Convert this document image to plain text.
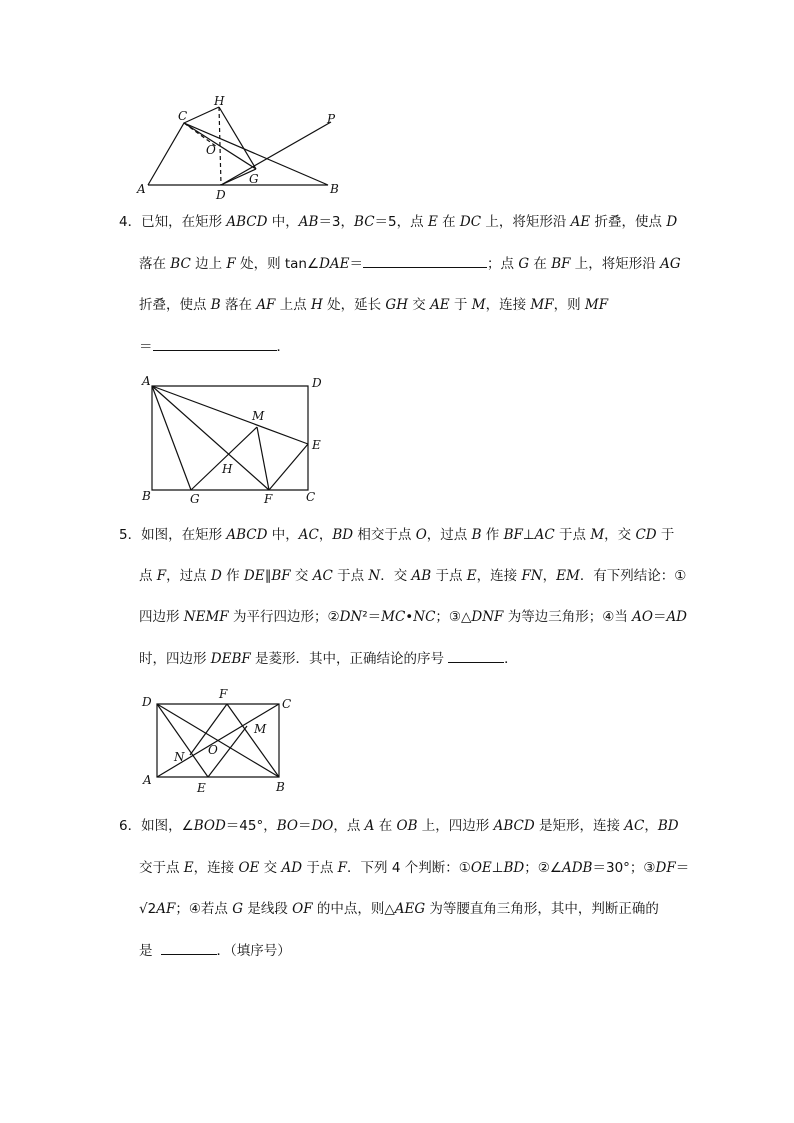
A	B
C
H
O
G
D
P
4．已知，在矩形 ABCD 中，AB＝3，BC＝5，点 E 在 DC 上，将矩形沿 AE 折叠，使点 D
落在 BC 边上 F 处，则 tan∠DAE＝	；点 G 在 BF 上，将矩形沿 AG
折叠，使点 B 落在 AF 上点 H 处，延长 GH 交 AE 于 M，连接 MF，则 MF
＝	．
A	D
M
E
H
B	G	F	C
5．如图，在矩形 ABCD 中，AC，BD 相交于点 O，过点 B 作 BF⊥AC 于点 M，交 CD 于
点 F，过点 D 作 DE∥BF 交 AC 于点 N．交 AB 于点 E，连接 FN，EM．有下列结论：①
四边形 NEMF 为平行四边形；②DN²＝MC•NC；③△DNF 为等边三角形；④当 AO＝AD
时，四边形 DEBF 是菱形．其中，正确结论的序号	．
D
F
C
M
N O
A
E	B
6．如图，∠BOD＝45°，BO＝DO，点 A 在 OB 上，四边形 ABCD 是矩形，连接 AC，BD
交于点 E，连接 OE 交 AD 于点 F．下列 4 个判断：①OE⊥BD；②∠ADB＝30°；③DF＝
√2AF；④若点 G 是线段 OF 的中点，则△AEG 为等腰直角三角形，其中，判断正确的
是	．（填序号）
